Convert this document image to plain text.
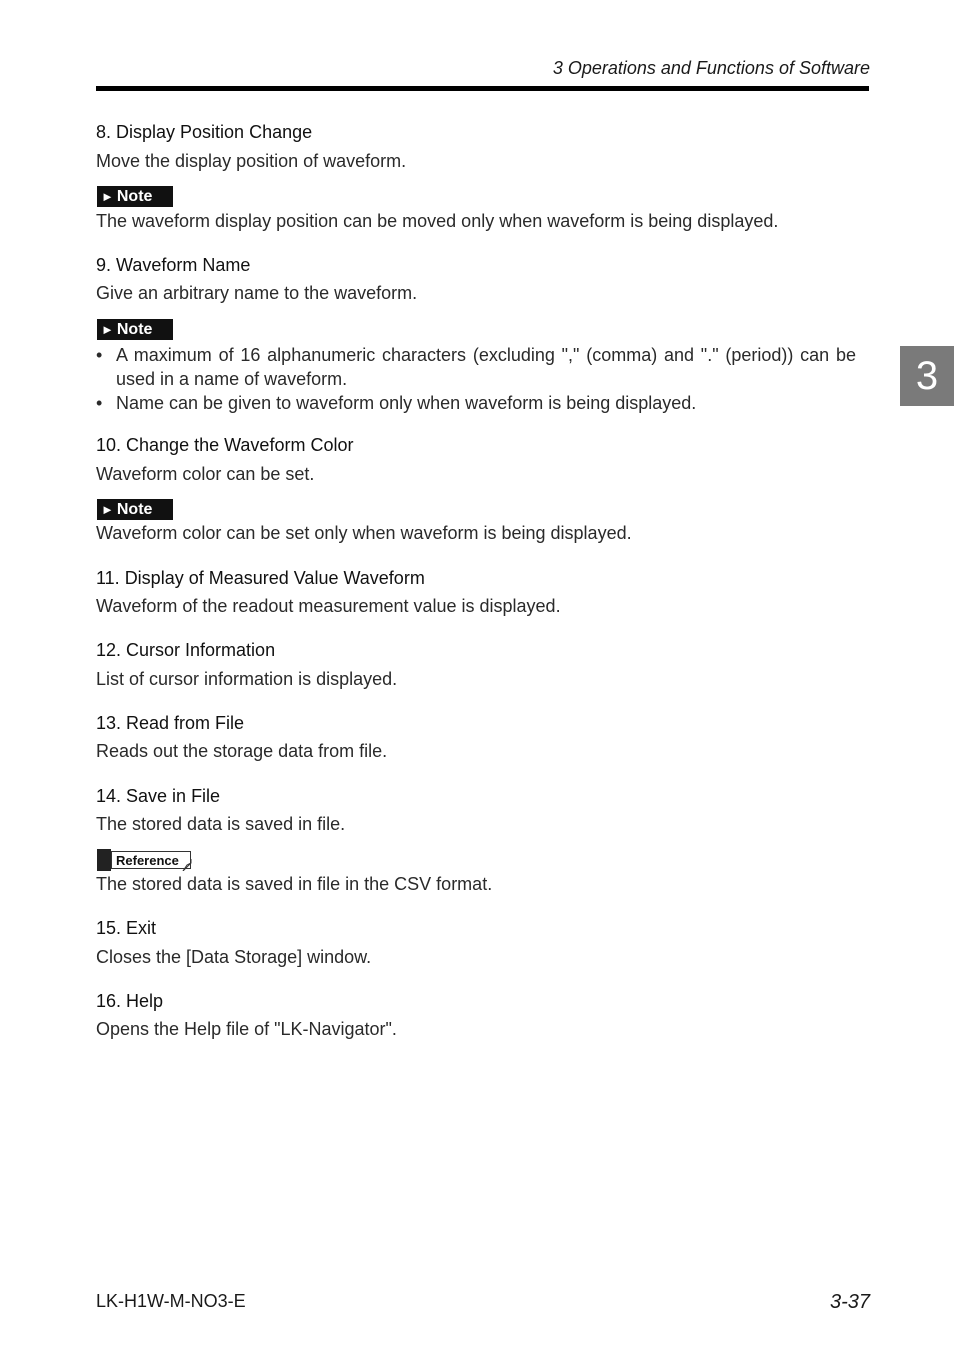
3 Operations and Functions of Software
3
8. Display Position Change
Move the display position of waveform.
► Note
The waveform display position can be moved only when waveform is being displayed.
9. Waveform Name
Give an arbitrary name to the waveform.
► Note
• A maximum of 16 alphanumeric characters (excluding "," (comma) and "." (period)) can be used in a name of waveform.
• Name can be given to waveform only when waveform is being displayed.
10. Change the Waveform Color
Waveform color can be set.
► Note
Waveform color can be set only when waveform is being displayed.
11. Display of Measured Value Waveform
Waveform of the readout measurement value is displayed.
12. Cursor Information
List of cursor information is displayed.
13. Read from File
Reads out the storage data from file.
14. Save in File
The stored data is saved in file.
Reference
The stored data is saved in file in the CSV format.
15. Exit
Closes the [Data Storage] window.
16. Help
Opens the Help file of "LK-Navigator".
LK-H1W-M-NO3-E	3-37
